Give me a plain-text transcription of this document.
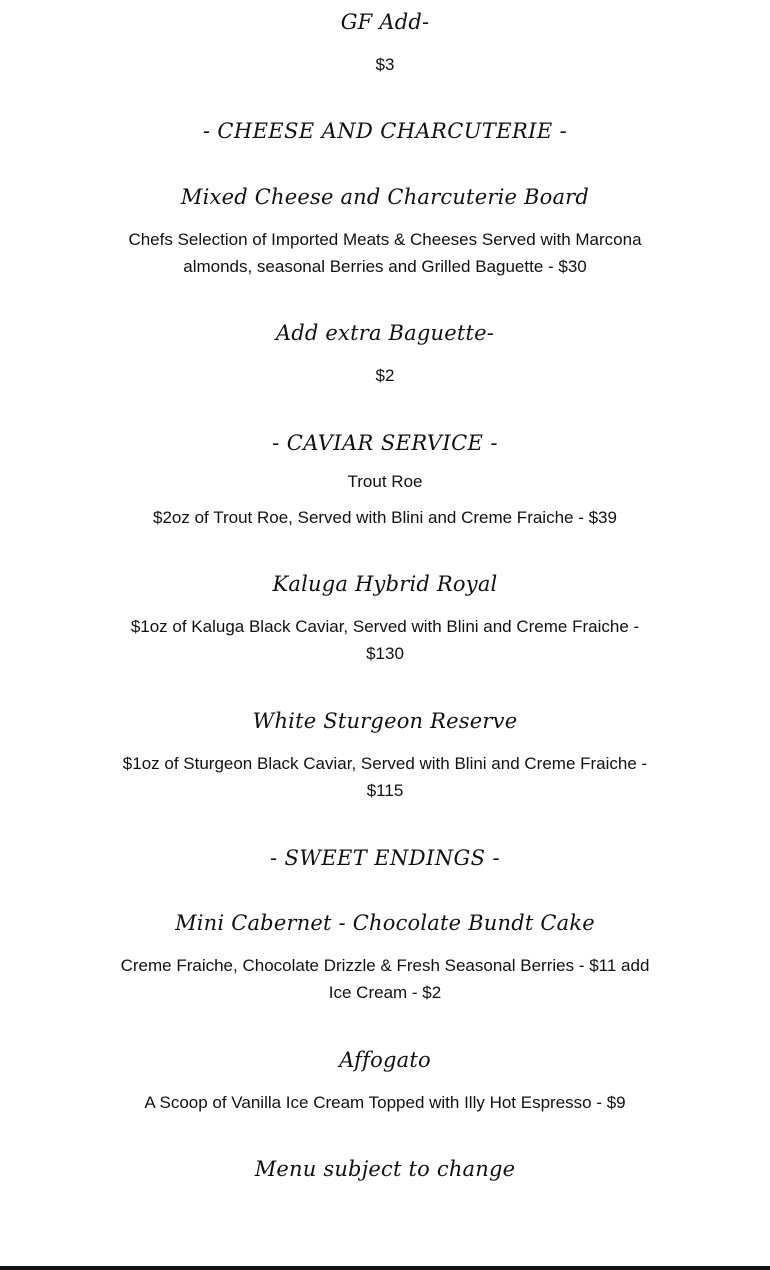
GF Add-
$3
- CHEESE AND CHARCUTERIE -
Mixed Cheese and Charcuterie Board
Chefs Selection of Imported Meats & Cheeses Served with Marcona almonds, seasonal Berries and Grilled Baguette - $30
Add extra Baguette-
$2
- CAVIAR SERVICE -
Trout Roe
$2oz of Trout Roe, Served with Blini and Creme Fraiche - $39
Kaluga Hybrid Royal
$1oz of Kaluga Black Caviar, Served with Blini and Creme Fraiche - $130
White Sturgeon Reserve
$1oz of Sturgeon Black Caviar, Served with Blini and Creme Fraiche - $115
- SWEET ENDINGS -
Mini Cabernet - Chocolate Bundt Cake
Creme Fraiche, Chocolate Drizzle & Fresh Seasonal Berries - $11 add Ice Cream - $2
Affogato
A Scoop of Vanilla Ice Cream Topped with Illy Hot Espresso - $9
Menu subject to change
